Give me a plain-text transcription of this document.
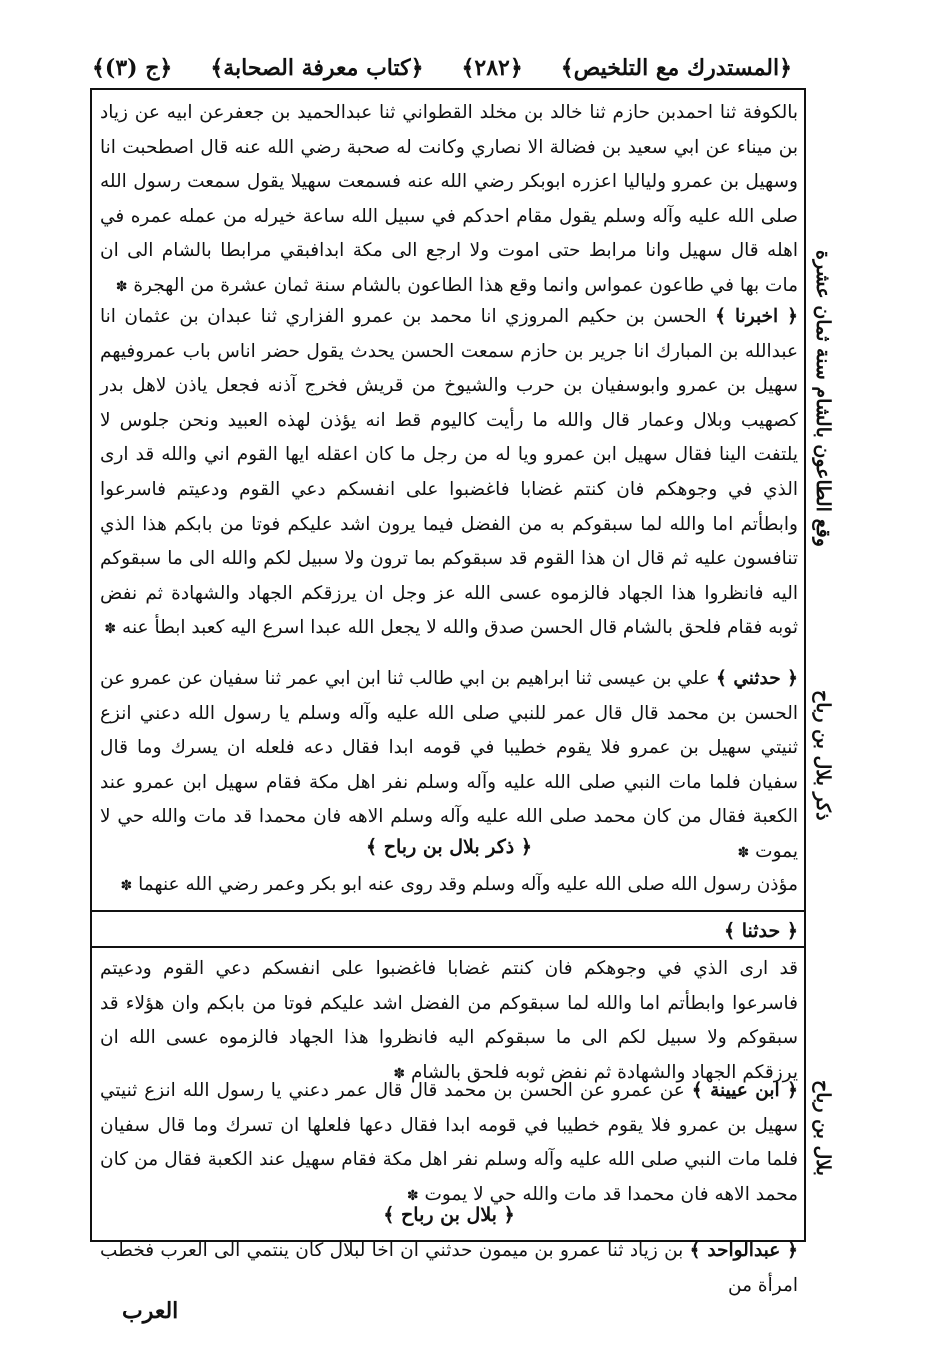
﴿المستدرك مع التلخيص﴾
﴿٢٨٢﴾
﴿كتاب معرفة الصحابة﴾
﴿ج (٣)﴾

بالكوفة ثنا احمدبن حازم ثنا خالد بن مخلد القطواني ثنا عبدالحميد بن جعفرعن ابيه عن زياد بن ميناء عن ابي سعيد بن فضالة الا نصاري وكانت له صحبة رضي الله عنه قال اصطحبت انا وسهيل بن عمرو ولياليا اعزره ابوبكر رضي الله عنه فسمعت سهيلا يقول سمعت رسول الله صلى الله عليه وآله وسلم يقول مقام احدكم في سبيل الله ساعة خيرله من عمله عمره في اهله قال سهيل وانا مرابط حتى اموت ولا ارجع الى مكة ابدافبقي مرابطا بالشام الى ان مات بها في طاعون عمواس وانما وقع هذا الطاعون بالشام سنة ثمان عشرة من الهجرة ✽

﴿ اخبرنا ﴾ الحسن بن حكيم المروزي انا محمد بن عمرو الفزاري ثنا عبدان بن عثمان انا عبدالله بن المبارك انا جرير بن حازم سمعت الحسن يحدث يقول حضر اناس باب عمروفيهم سهيل بن عمرو وابوسفيان بن حرب والشيوخ من قريش فخرج آذنه فجعل ياذن لاهل بدر كصهيب وبلال وعمار قال والله ما رأيت كاليوم قط انه يؤذن لهذه العبيد ونحن جلوس لا يلتفت الينا فقال سهيل ابن عمرو ويا له من رجل ما كان اعقله ايها القوم اني والله قد ارى الذي في وجوهكم فان كنتم غضابا فاغضبوا على انفسكم دعي القوم ودعيتم فاسرعوا وابطأتم اما والله لما سبقوكم به من الفضل فيما يرون اشد عليكم فوتا من بابكم هذا الذي تنافسون عليه ثم قال ان هذا القوم قد سبقوكم بما ترون ولا سبيل لكم والله الى ما سبقوكم اليه فانظروا هذا الجهاد فالزموه عسى الله عز وجل ان يرزقكم الجهاد والشهادة ثم نفض ثوبه فقام فلحق بالشام قال الحسن صدق والله لا يجعل الله عبدا اسرع اليه كعبد ابطأ عنه ✽

﴿ حدثني ﴾ علي بن عيسى ثنا ابراهيم بن ابي طالب ثنا ابن ابي عمر ثنا سفيان عن عمرو عن الحسن بن محمد قال قال عمر للنبي صلى الله عليه وآله وسلم يا رسول الله دعني انزع ثنيتي سهيل بن عمرو فلا يقوم خطيبا في قومه ابدا فقال دعه فلعله ان يسرك وما قال سفيان فلما مات النبي صلى الله عليه وآله وسلم نفر اهل مكة فقام سهيل ابن عمرو عند الكعبة فقال من كان محمد صلى الله عليه وآله وسلم الاهه فان محمدا قد مات والله حي لا يموت ✽

﴿ ذكر بلال بن رباح ﴾

مؤذن رسول الله صلى الله عليه وآله وسلم وقد روى عنه ابو بكر وعمر رضي الله عنهما ✽

﴿ حدثنا ﴾

قد ارى الذي في وجوهكم فان كنتم غضابا فاغضبوا على انفسكم دعي القوم ودعيتم فاسرعوا وابطأتم اما والله لما سبقوكم من الفضل اشد عليكم فوتا من بابكم وان هؤلاء قد سبقوكم ولا سبيل لكم الى ما سبقوكم اليه فانظروا هذا الجهاد فالزموه عسى الله ان يرزقكم الجهاد والشهادة ثم نفض ثوبه فلحق بالشام ✽

﴿ ابن عيينة ﴾ عن عمرو عن الحسن بن محمد قال قال عمر دعني يا رسول الله انزع ثنيتي سهيل بن عمرو فلا يقوم خطيبا في قومه ابدا فقال دعها فلعلها ان تسرك وما قال سفيان فلما مات النبي صلى الله عليه وآله وسلم نفر اهل مكة فقام سهيل عند الكعبة فقال من كان محمد الاهه فان محمدا قد مات والله حي لا يموت ✽

﴿ بلال بن رباح ﴾

﴿ عبدالواحد ﴾ بن زياد ثنا عمرو بن ميمون حدثني ان اخا لبلال كان ينتمي الى العرب فخطب امرأة من

وقع الطاعون بالشام سنة ثمان عشرة
ذكر بلال بن رباح
بلال بن رباح
العرب
